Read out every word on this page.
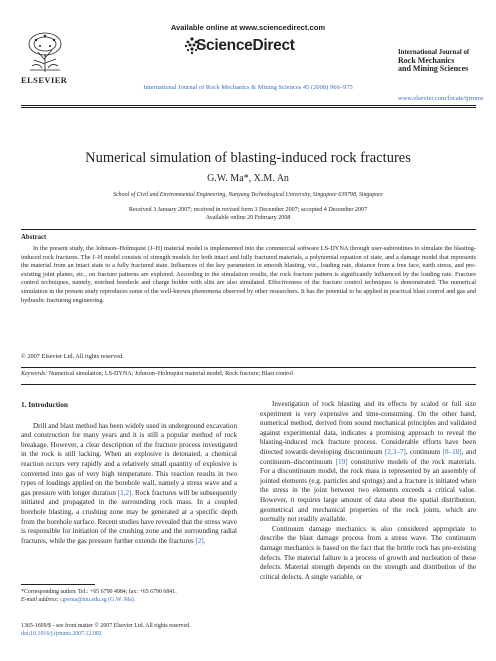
Available online at www.sciencedirect.com
ScienceDirect
ELSEVIER
International Journal of Rock Mechanics & Mining Sciences 45 (2008) 966–975
International Journal of
Rock Mechanics
and Mining Sciences
www.elsevier.com/locate/ijrmms
Numerical simulation of blasting-induced rock fractures
G.W. Ma*, X.M. An
School of Civil and Environmental Engineering, Nanyang Technological University, Singapore 639798, Singapore
Received 3 January 2007; received in revised form 3 December 2007; accepted 4 December 2007
Available online 20 February 2008
Abstract
In the present study, the Johnson–Holmquist (J–H) material model is implemented into the commercial software LS-DYNA through user-subroutines to simulate the blasting-induced rock fractures. The J–H model consists of strength models for both intact and fully fractured materials, a polynomial equation of state, and a damage model that represents the material from an intact state to a fully fractured state. Influences of the key parameters in smooth blasting, viz., loading rate, distance from a free face, earth stress, and pre-existing joint planes, etc., on fracture patterns are explored. According to the simulation results, the rock fracture pattern is significantly influenced by the loading rate. Fracture control techniques, namely, notched borehole and charge holder with slits are also simulated. Effectiveness of the fracture control techniques is demonstrated. The numerical simulation in the present study reproduces some of the well-known phenomena observed by other researchers. It has the potential to be applied in practical blast control and gas and hydraulic fracturing engineering.
© 2007 Elsevier Ltd. All rights reserved.
Keywords: Numerical simulation; LS-DYNA; Johnson–Holmquist material model; Rock fracture; Blast control
1. Introduction

Drill and blast method has been widely used in underground excavation and construction for many years and it is still a popular method of rock breakage. However, a clear description of the fracture process investigated in the rock is still lacking. When an explosive is detonated, a chemical reaction occurs very rapidly and a relatively small quantity of explosive is converted into gas of very high temperature. This reaction results in two types of loadings applied on the borehole wall, namely a stress wave and a gas pressure with longer duration [1,2]. Rock fractures will be subsequently initiated and propagated in the surrounding rock mass. In a coupled borehole blasting, a crushing zone may be generated at a specific depth from the borehole surface. Recent studies have revealed that the stress wave is responsible for initiation of the crushing zone and the surrounding radial fractures, while the gas pressure further extends the fractures [2].

Investigation of rock blasting and its effects by scaled or full size experiment is very expensive and time-consuming. On the other hand, numerical method, derived from sound mechanical principles and validated against experimental data, indicates a promising approach to reveal the blasting-induced rock fracture process. Considerable efforts have been directed towards developing discontinuum [2,3–7], continuum [8–18], and continuum–discontinuum [19] constitutive models of the rock materials. For a discontinuum model, the rock mass is represented by an assembly of jointed elements (e.g. particles and springs) and a fracture is initiated when the stress in the joint between two elements exceeds a critical value. However, it requires large amount of data about the spatial distribution, geometrical and mechanical properties of the rock joints, which are normally not readily available.

Continuum damage mechanics is also considered appropriate to describe the blast damage process from a stress wave. The continuum damage mechanics is based on the fact that the brittle rock has pre-existing defects. The material failure is a process of growth and nucleation of these defects. Material strength depends on the strength and distribution of the critical defects. A single variable, or

*Corresponding author. Tel.: +65 6790 4984; fax: +65 6790 6841.
E-mail address: cgwma@ntu.edu.sg (G.W. Ma).
1365-1609/$ - see front matter © 2007 Elsevier Ltd. All rights reserved.
doi:10.1016/j.ijrmms.2007.12.002
